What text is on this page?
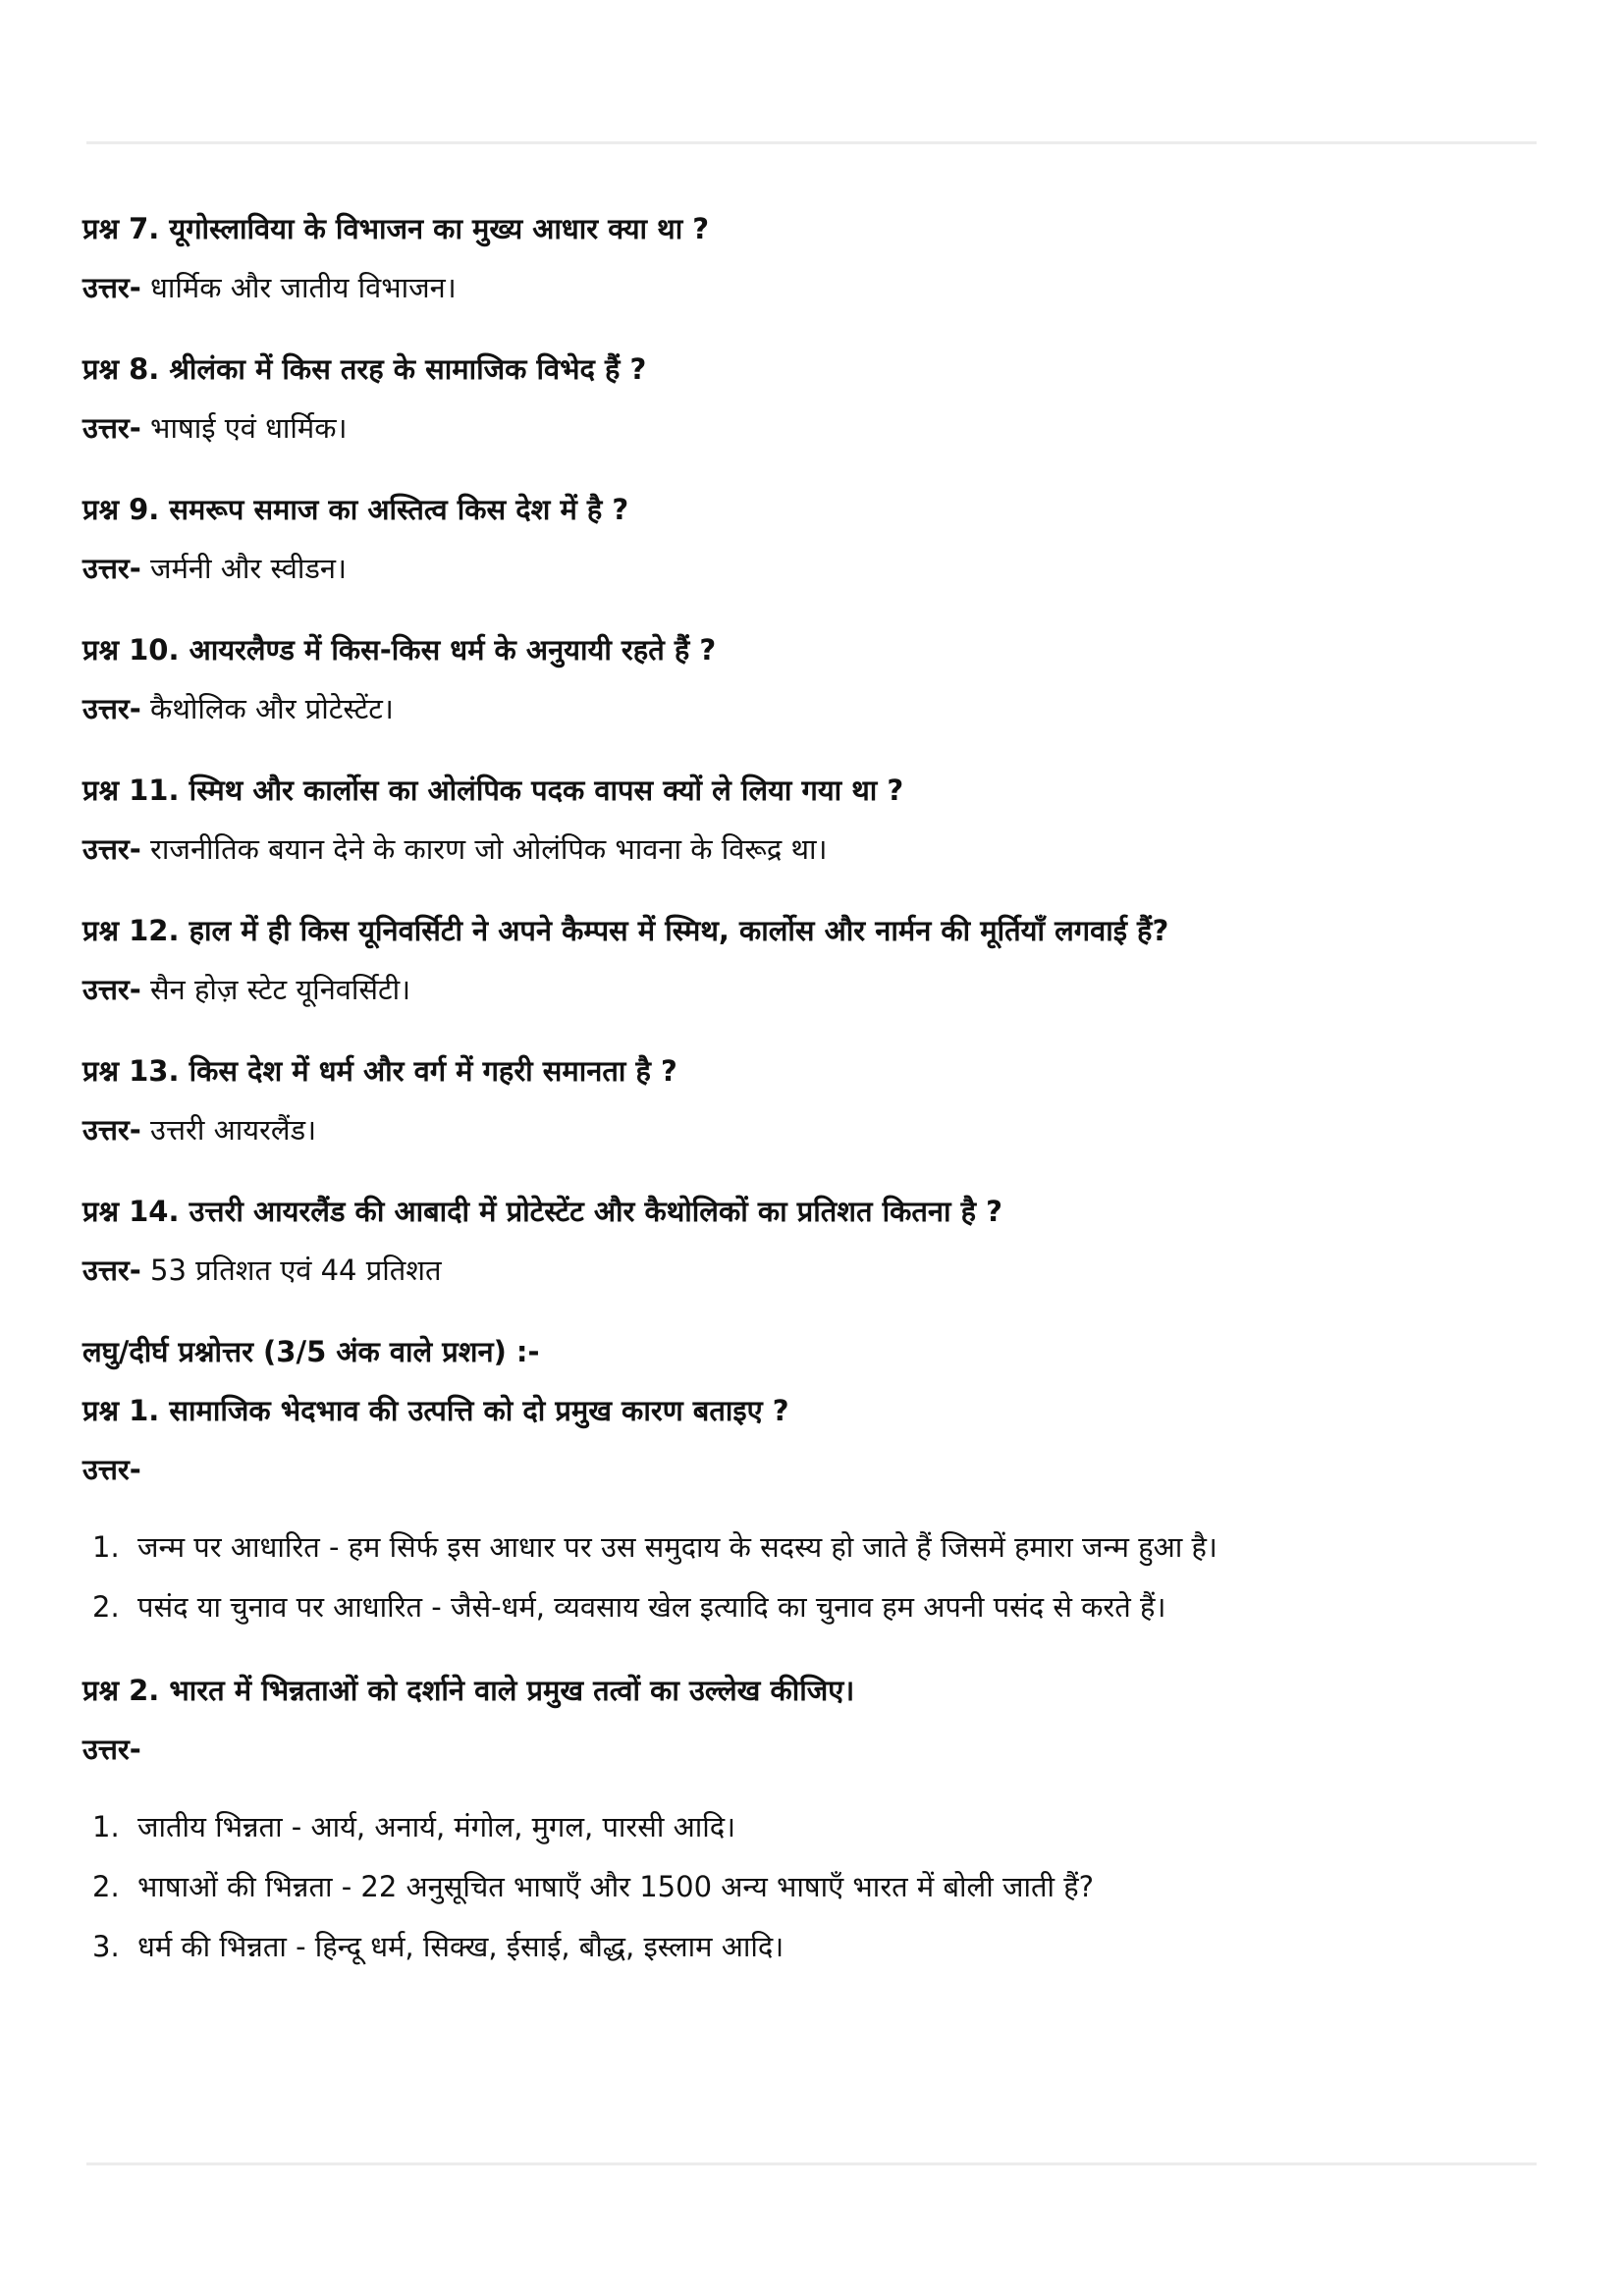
प्रश्न 7. यूगोस्लाविया के विभाजन का मुख्य आधार क्या था ?
उत्तर- धार्मिक और जातीय विभाजन।
प्रश्न 8. श्रीलंका में किस तरह के सामाजिक विभेद हैं ?
उत्तर- भाषाई एवं धार्मिक।
प्रश्न 9. समरूप समाज का अस्तित्व किस देश में है ?
उत्तर- जर्मनी और स्वीडन।
प्रश्न 10. आयरलैण्ड में किस-किस धर्म के अनुयायी रहते हैं ?
उत्तर- कैथोलिक और प्रोटेस्टेंट।
प्रश्न 11. स्मिथ और कार्लोस का ओलंपिक पदक वापस क्यों ले लिया गया था ?
उत्तर- राजनीतिक बयान देने के कारण जो ओलंपिक भावना के विरूद्र था।
प्रश्न 12. हाल में ही किस यूनिवर्सिटी ने अपने कैम्पस में स्मिथ, कार्लोस और नार्मन की मूर्तियाँ लगवाई हैं?
उत्तर- सैन होज़ स्टेट यूनिवर्सिटी।
प्रश्न 13. किस देश में धर्म और वर्ग में गहरी समानता है ?
उत्तर- उत्तरी आयरलैंड।
प्रश्न 14. उत्तरी आयरलैंड की आबादी में प्रोटेस्टेंट और कैथोलिकों का प्रतिशत कितना है ?
उत्तर- 53 प्रतिशत एवं 44 प्रतिशत
लघु/दीर्घ प्रश्नोत्तर (3/5 अंक वाले प्रशन) :-
प्रश्न 1. सामाजिक भेदभाव की उत्पत्ति को दो प्रमुख कारण बताइए ?
उत्तर-
1. जन्म पर आधारित - हम सिर्फ इस आधार पर उस समुदाय के सदस्य हो जाते हैं जिसमें हमारा जन्म हुआ है।
2. पसंद या चुनाव पर आधारित - जैसे-धर्म, व्यवसाय खेल इत्यादि का चुनाव हम अपनी पसंद से करते हैं।
प्रश्न 2. भारत में भिन्नताओं को दर्शाने वाले प्रमुख तत्वों का उल्लेख कीजिए।
उत्तर-
1. जातीय भिन्नता - आर्य, अनार्य, मंगोल, मुगल, पारसी आदि।
2. भाषाओं की भिन्नता - 22 अनुसूचित भाषाएँ और 1500 अन्य भाषाएँ भारत में बोली जाती हैं?
3. धर्म की भिन्नता - हिन्दू धर्म, सिक्ख, ईसाई, बौद्ध, इस्लाम आदि।
